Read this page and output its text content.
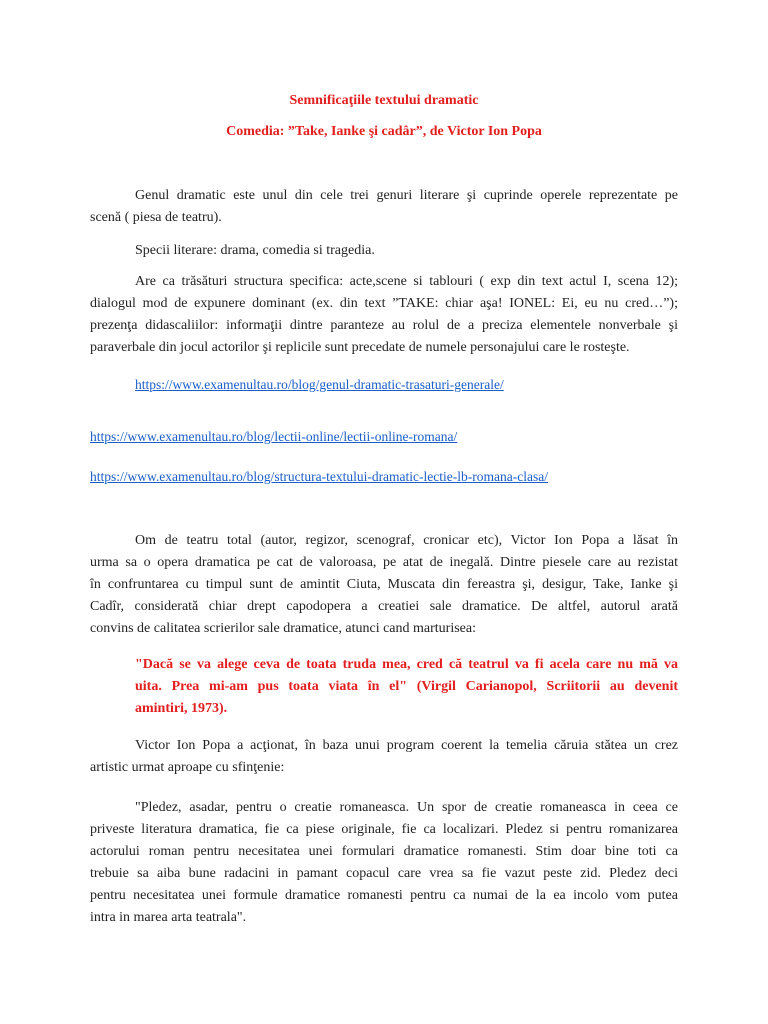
Semnificaţiile textului dramatic
Comedia: ”Take, Ianke şi cadâr”, de Victor Ion Popa
Genul dramatic este unul din cele trei genuri literare şi cuprinde operele reprezentate pe
scenă ( piesa de teatru).
Specii literare: drama, comedia si tragedia.
Are ca trăsături structura specifica: acte,scene si tablouri ( exp din text actul I, scena 12);
dialogul mod de expunere dominant (ex. din text ”TAKE: chiar aşa! IONEL: Ei, eu nu cred…”);
prezenţa didascaliilor: informaţii dintre paranteze au rolul de a preciza elementele nonverbale şi
paraverbale din jocul actorilor şi replicile sunt precedate de numele personajului care le rosteşte.
https://www.examenultau.ro/blog/genul-dramatic-trasaturi-generale/
https://www.examenultau.ro/blog/lectii-online/lectii-online-romana/
https://www.examenultau.ro/blog/structura-textului-dramatic-lectie-lb-romana-clasa/
Om de teatru total (autor, regizor, scenograf, cronicar etc), Victor Ion Popa a lăsat în
urma sa o opera dramatica pe cat de valoroasa, pe atat de inegală. Dintre piesele care au rezistat
în confruntarea cu timpul sunt de amintit Ciuta, Muscata din fereastra şi, desigur, Take, Ianke şi
Cadîr, considerată chiar drept capodopera a creatiei sale dramatice. De altfel, autorul arată
convins de calitatea scrierilor sale dramatice, atunci cand marturisea:
"Dacă se va alege ceva de toata truda mea, cred că teatrul va fi acela care nu mă va
uita. Prea mi-am pus toata viata în el" (Virgil Carianopol, Scriitorii au devenit
amintiri, 1973).
Victor Ion Popa a acţionat, în baza unui program coerent la temelia căruia stătea un crez
artistic urmat aproape cu sfinţenie:
"Pledez, asadar, pentru o creatie romaneasca. Un spor de creatie romaneasca in ceea ce
priveste literatura dramatica, fie ca piese originale, fie ca localizari. Pledez si pentru romanizarea
actorului roman pentru necesitatea unei formulari dramatice romanesti. Stim doar bine toti ca
trebuie sa aiba bune radacini in pamant copacul care vrea sa fie vazut peste zid. Pledez deci
pentru necesitatea unei formule dramatice romanesti pentru ca numai de la ea incolo vom putea
intra in marea arta teatrala".
